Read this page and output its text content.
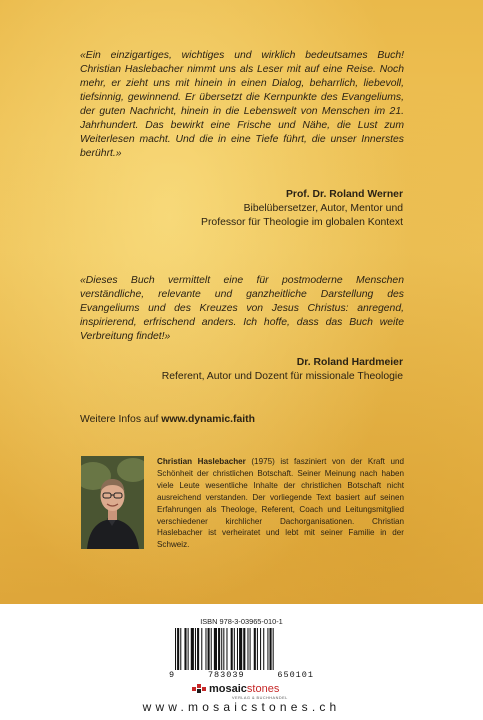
«Ein einzigartiges, wichtiges und wirklich bedeutsames Buch! Christian Haslebacher nimmt uns als Leser mit auf eine Reise. Noch mehr, er zieht uns mit hinein in einen Dialog, beharrlich, liebevoll, tiefsinnig, gewinnend. Er übersetzt die Kernpunkte des Evangeliums, der guten Nachricht, hinein in die Lebenswelt von Menschen im 21. Jahrhundert. Das bewirkt eine Frische und Nähe, die Lust zum Weiterlesen macht. Und die in eine Tiefe führt, die unser Innerstes berührt.»
Prof. Dr. Roland Werner
Bibelübersetzer, Autor, Mentor und
Professor für Theologie im globalen Kontext
«Dieses Buch vermittelt eine für postmoderne Menschen verständliche, relevante und ganzheitliche Darstellung des Evangeliums und des Kreuzes von Jesus Christus: anregend, inspirierend, erfrischend anders. Ich hoffe, dass das Buch weite Verbreitung findet!»
Dr. Roland Hardmeier
Referent, Autor und Dozent für missionale Theologie
Weitere Infos auf www.dynamic.faith
Christian Haslebacher (1975) ist fasziniert von der Kraft und Schönheit der christlichen Botschaft. Seiner Meinung nach haben viele Leute wesentliche Inhalte der christlichen Botschaft nicht ausreichend verstanden. Der vorliegende Text basiert auf seinen Erfahrungen als Theologe, Referent, Coach und Leitungsmitglied verschiedener kirchlicher Dachorganisationen. Christian Haslebacher ist verheiratet und lebt mit seiner Familie in der Schweiz.
ISBN 978-3-03965-010-1
9	783039	650101
mosaicstones
VERLAG & BUCHHANDEL
www.mosaicstones.ch
